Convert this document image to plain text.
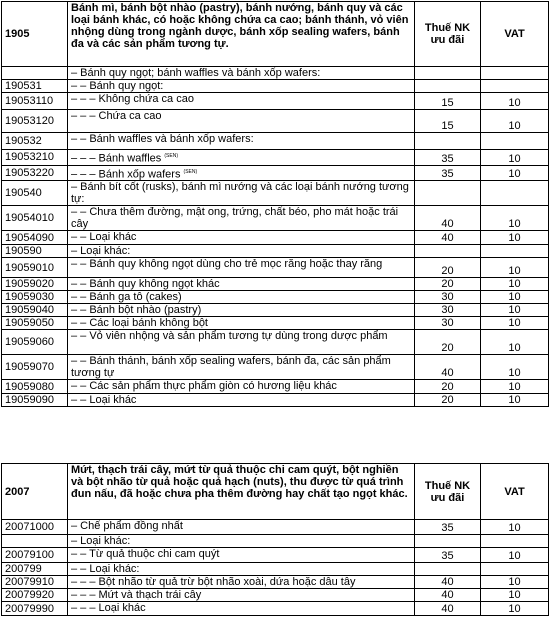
1905	Bánh mì, bánh bột nhào (pastry), bánh nướng, bánh quy và các loại bánh khác, có hoặc không chứa ca cao; bánh thánh, vỏ viên nhộng dùng trong ngành dược, bánh xốp sealing wafers, bánh đa và các sản phẩm tương tự.	Thuế NK ưu đãi	VAT
	– Bánh quy ngọt; bánh waffles và bánh xốp wafers:		
190531	– – Bánh quy ngọt:		
19053110	– – – Không chứa ca cao	15	10
19053120	– – – Chứa ca cao	15	10
190532	– – Bánh waffles và bánh xốp wafers:		
19053210	– – – Bánh waffles $^{(SEN)}$	35	10
19053220	– – – Bánh xốp wafers $^{(SEN)}$	35	10
190540	– Bánh bít cốt (rusks), bánh mì nướng và các loại bánh nướng tương tự:		
19054010	– – Chưa thêm đường, mật ong, trứng, chất béo, pho mát hoặc trái cây	40	10
19054090	– – Loại khác	40	10
190590	– Loại khác:		
19059010	– – Bánh quy không ngọt dùng cho trẻ mọc răng hoặc thay răng	20	10
19059020	– – Bánh quy không ngọt khác	20	10
19059030	– – Bánh ga tô (cakes)	30	10
19059040	– – Bánh bột nhào (pastry)	30	10
19059050	– – Các loại bánh không bột	30	10
19059060	– – Vỏ viên nhộng và sản phẩm tương tự dùng trong dược phẩm	20	10
19059070	– – Bánh thánh, bánh xốp sealing wafers, bánh đa, các sản phẩm tương tự	40	10
19059080	– – Các sản phẩm thực phẩm giòn có hương liệu khác	20	10
19059090	– – Loại khác	20	10
2007	Mứt, thạch trái cây, mứt từ quả thuộc chi cam quýt, bột nghiền và bột nhão từ quả hoặc quả hạch (nuts), thu được từ quá trình đun nấu, đã hoặc chưa pha thêm đường hay chất tạo ngọt khác.	Thuế NK ưu đãi	VAT
20071000	– Chế phẩm đồng nhất	35	10
	– Loại khác:		
20079100	– – Từ quả thuộc chi cam quýt	35	10
200799	– – Loại khác:		
20079910	– – – Bột nhão từ quả trừ bột nhão xoài, dứa hoặc dâu tây	40	10
20079920	– – – Mứt và thạch trái cây	40	10
20079990	– – – Loại khác	40	10
